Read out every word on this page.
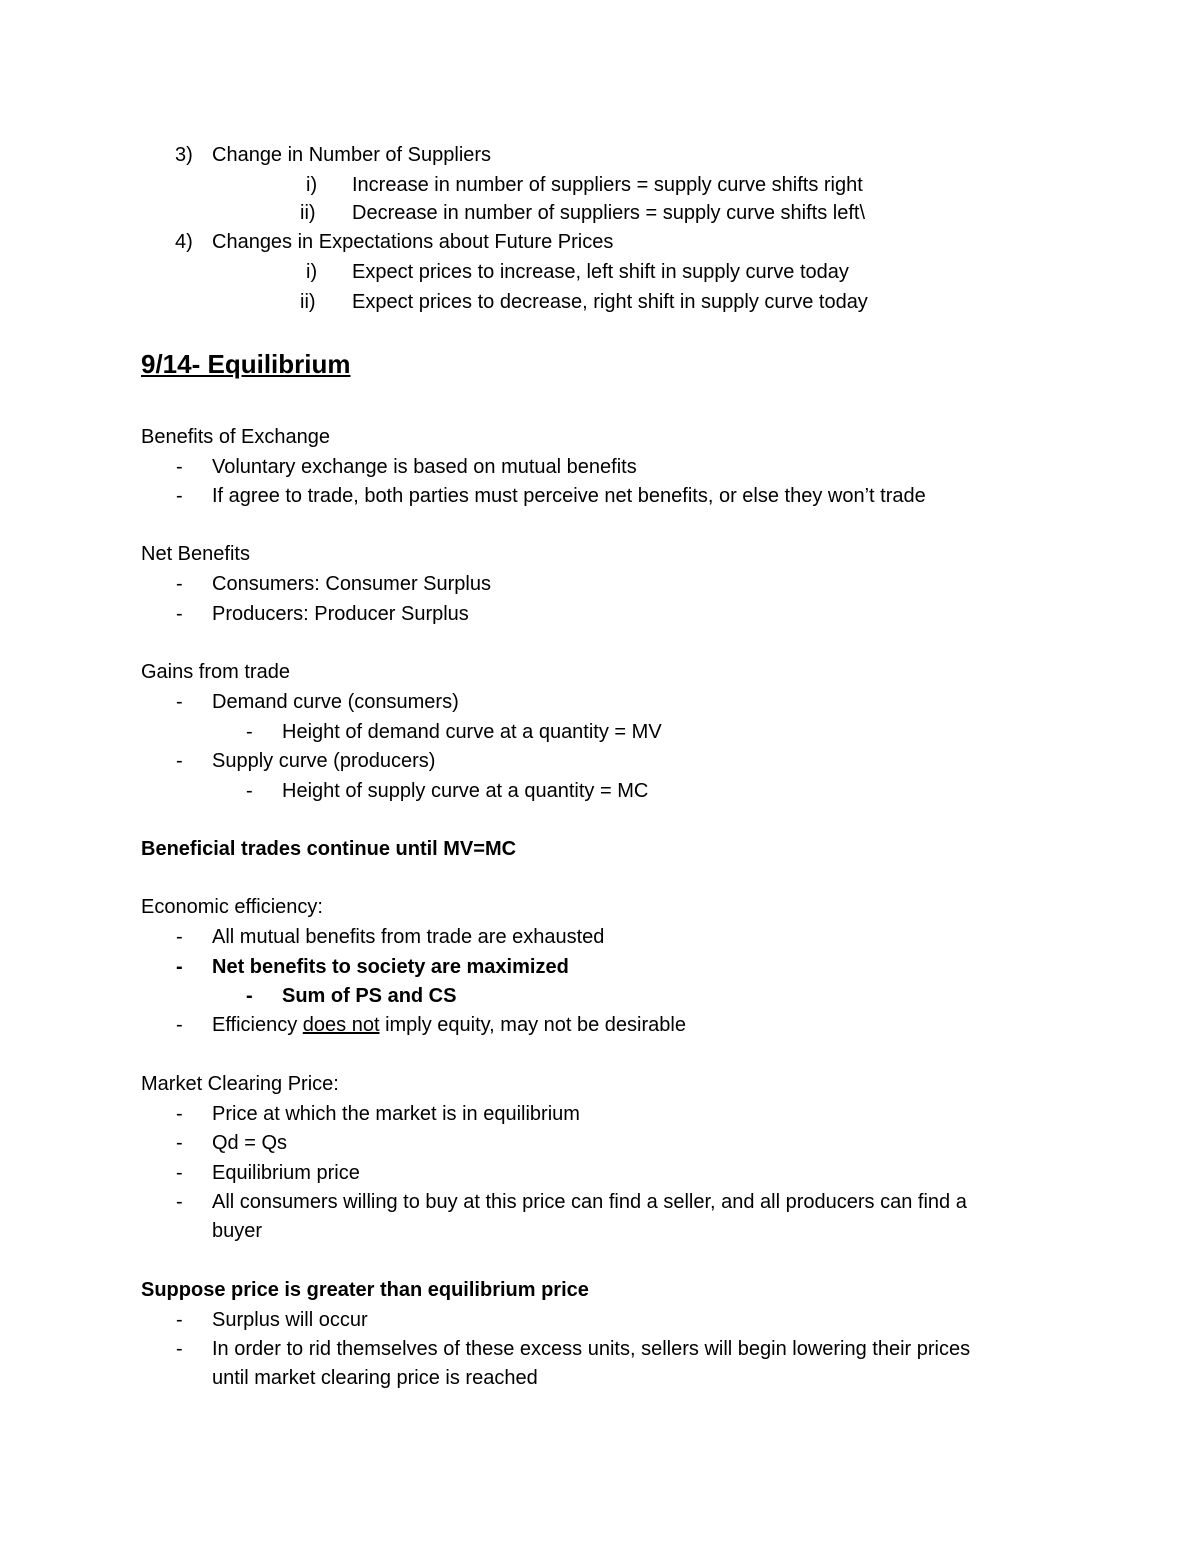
3) Change in Number of Suppliers
i) Increase in number of suppliers = supply curve shifts right
ii) Decrease in number of suppliers = supply curve shifts left\
4) Changes in Expectations about Future Prices
i) Expect prices to increase, left shift in supply curve today
ii) Expect prices to decrease, right shift in supply curve today
9/14- Equilibrium
Benefits of Exchange
- Voluntary exchange is based on mutual benefits
- If agree to trade, both parties must perceive net benefits, or else they won’t trade
Net Benefits
- Consumers: Consumer Surplus
- Producers: Producer Surplus
Gains from trade
- Demand curve (consumers)
- Height of demand curve at a quantity = MV
- Supply curve (producers)
- Height of supply curve at a quantity = MC
Beneficial trades continue until MV=MC
Economic efficiency:
- All mutual benefits from trade are exhausted
- Net benefits to society are maximized
- Sum of PS and CS
- Efficiency does not imply equity, may not be desirable
Market Clearing Price:
- Price at which the market is in equilibrium
- Qd = Qs
- Equilibrium price
- All consumers willing to buy at this price can find a seller, and all producers can find a
buyer
Suppose price is greater than equilibrium price
- Surplus will occur
- In order to rid themselves of these excess units, sellers will begin lowering their prices
until market clearing price is reached
